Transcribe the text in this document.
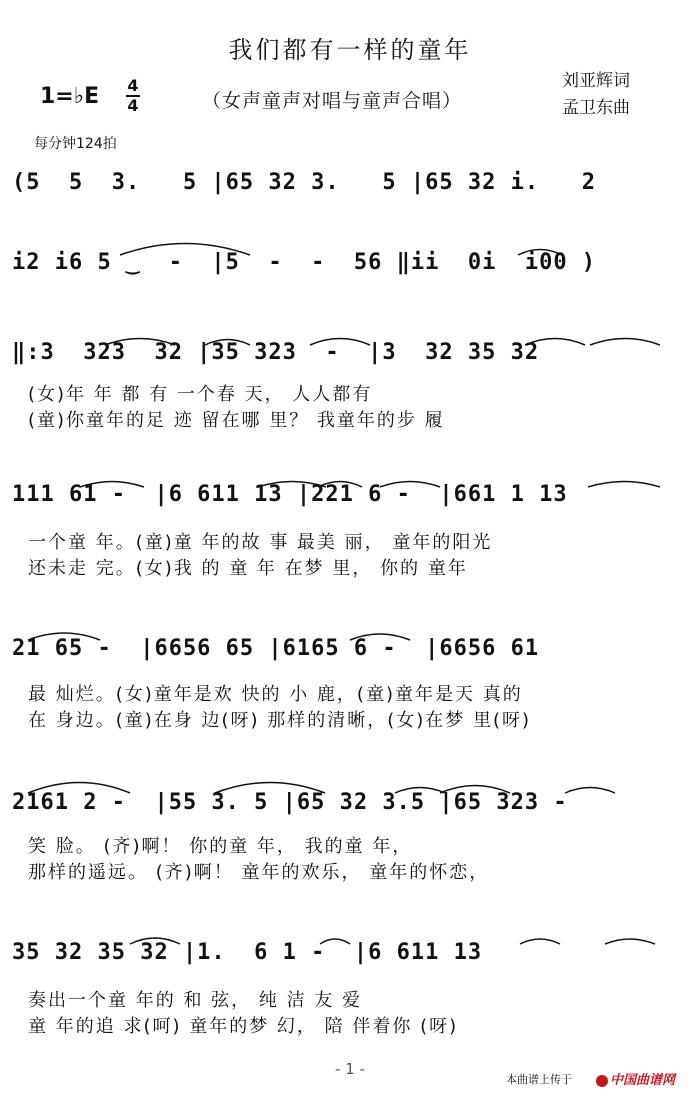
我们都有一样的童年
1=♭E 4
4	（女声童声对唱与童声合唱）
刘亚辉词
孟卫东曲
每分钟124拍
(5  5  3.   5 |65 32 3.   5 |65 32 i.   2
i2 i6 5 ‿  -  |5  -  -  56 ‖ii  0i  i00 )
‖:3  323  32 |35 323  -  |3  32 35 32
(女)年 年 都 有 一个春 天， 人人都有
(童)你童年的足 迹 留在哪 里？ 我童年的步 履
111 61 -  |6 611 13 |221 6 -  |661 1 13
一个童 年。(童)童 年的故 事 最美 丽， 童年的阳光
还未走 完。(女)我 的 童 年 在梦 里， 你的 童年
21 65 -  |6656 65 |6165 6 -  |6656 61
最 灿烂。(女)童年是欢 快的 小 鹿，(童)童年是天 真的
在 身边。(童)在身 边(呀) 那样的清晰，(女)在梦 里(呀)
2161 2 -  |55 3. 5 |65 32 3.5 |65 323 -
笑 脸。 (齐)啊！ 你的童 年， 我的童 年，
那样的遥远。 (齐)啊！ 童年的欢乐， 童年的怀恋，
35 32 35 32 |1.  6 1 -  |6 611 13
奏出一个童 年的 和 弦， 纯 洁 友 爱
童 年的追 求(呵) 童年的梦 幻， 陪 伴着你 (呀)
- 1 -
本曲谱上传于	中国曲谱网
